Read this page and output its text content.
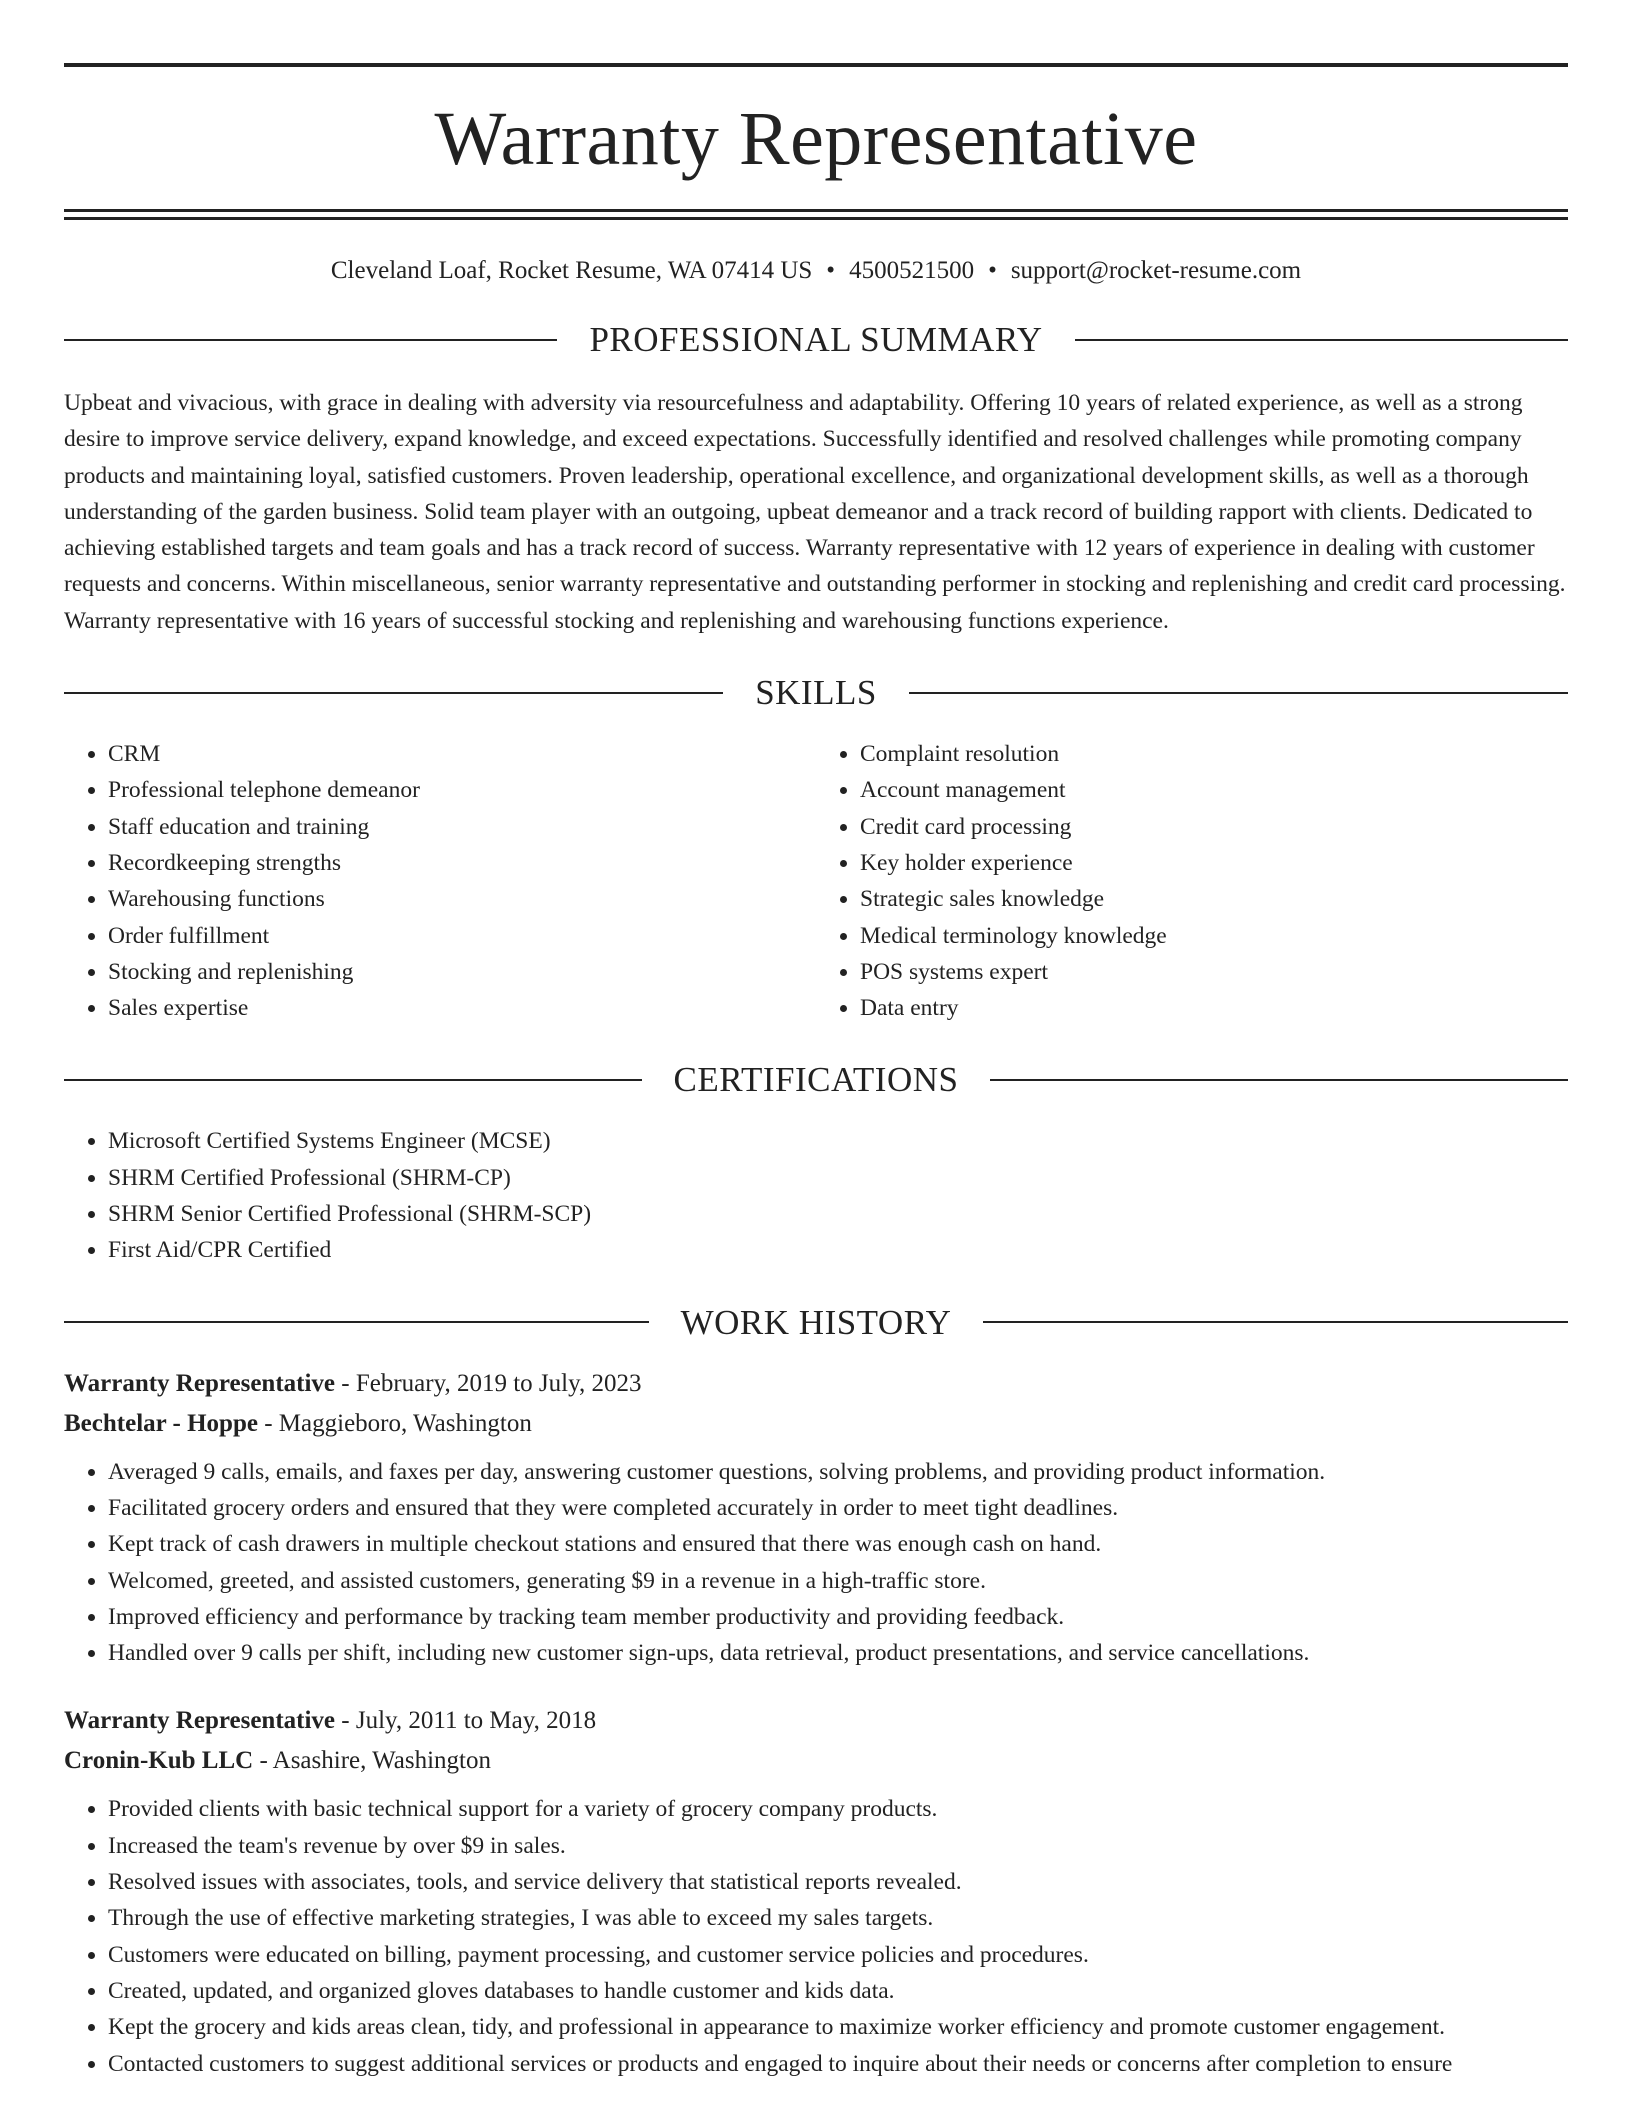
Warranty Representative
Cleveland Loaf, Rocket Resume, WA 07414 US • 4500521500 • support@rocket-resume.com
PROFESSIONAL SUMMARY

Upbeat and vivacious, with grace in dealing with adversity via resourcefulness and adaptability. Offering 10 years of related experience, as well as a strong desire to improve service delivery, expand knowledge, and exceed expectations. Successfully identified and resolved challenges while promoting company products and maintaining loyal, satisfied customers. Proven leadership, operational excellence, and organizational development skills, as well as a thorough understanding of the garden business. Solid team player with an outgoing, upbeat demeanor and a track record of building rapport with clients. Dedicated to achieving established targets and team goals and has a track record of success. Warranty representative with 12 years of experience in dealing with customer requests and concerns. Within miscellaneous, senior warranty representative and outstanding performer in stocking and replenishing and credit card processing. Warranty representative with 16 years of successful stocking and replenishing and warehousing functions experience.

SKILLS
• CRM
• Professional telephone demeanor
• Staff education and training
• Recordkeeping strengths
• Warehousing functions
• Order fulfillment
• Stocking and replenishing
• Sales expertise
• Complaint resolution
• Account management
• Credit card processing
• Key holder experience
• Strategic sales knowledge
• Medical terminology knowledge
• POS systems expert
• Data entry
CERTIFICATIONS
• Microsoft Certified Systems Engineer (MCSE)
• SHRM Certified Professional (SHRM-CP)
• SHRM Senior Certified Professional (SHRM-SCP)
• First Aid/CPR Certified
WORK HISTORY
Warranty Representative - February, 2019 to July, 2023
Bechtelar - Hoppe - Maggieboro, Washington
• Averaged 9 calls, emails, and faxes per day, answering customer questions, solving problems, and providing product information.
• Facilitated grocery orders and ensured that they were completed accurately in order to meet tight deadlines.
• Kept track of cash drawers in multiple checkout stations and ensured that there was enough cash on hand.
• Welcomed, greeted, and assisted customers, generating $9 in a revenue in a high-traffic store.
• Improved efficiency and performance by tracking team member productivity and providing feedback.
• Handled over 9 calls per shift, including new customer sign-ups, data retrieval, product presentations, and service cancellations.
Warranty Representative - July, 2011 to May, 2018
Cronin-Kub LLC - Asashire, Washington
• Provided clients with basic technical support for a variety of grocery company products.
• Increased the team's revenue by over $9 in sales.
• Resolved issues with associates, tools, and service delivery that statistical reports revealed.
• Through the use of effective marketing strategies, I was able to exceed my sales targets.
• Customers were educated on billing, payment processing, and customer service policies and procedures.
• Created, updated, and organized gloves databases to handle customer and kids data.
• Kept the grocery and kids areas clean, tidy, and professional in appearance to maximize worker efficiency and promote customer engagement.
• Contacted customers to suggest additional services or products and engaged to inquire about their needs or concerns after completion to ensure
